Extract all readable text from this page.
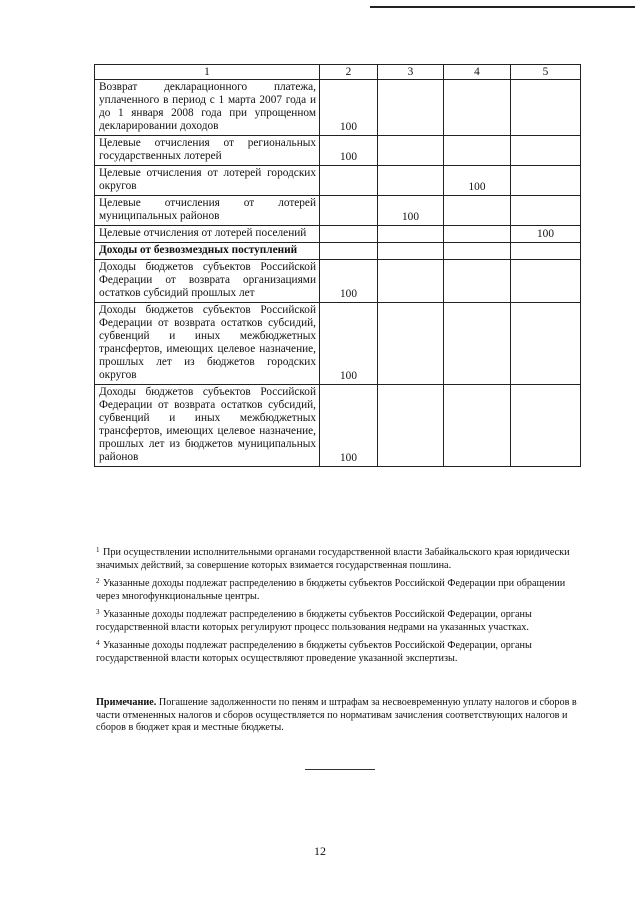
1	2	3	4	5
Возврат декларационного платежа, уплаченного в период с 1 марта 2007 года и до 1 января 2008 года при упрощенном декларировании доходов	100			
Целевые отчисления от региональных государственных лотерей	100			
Целевые отчисления от лотерей городских округов			100	
Целевые отчисления от лотерей муниципальных районов		100		
Целевые отчисления от лотерей поселений				100
Доходы от безвозмездных поступлений				
Доходы бюджетов субъектов Российской Федерации от возврата организациями остатков субсидий прошлых лет	100			
Доходы бюджетов субъектов Российской Федерации от возврата остатков субсидий, субвенций и иных межбюджетных трансфертов, имеющих целевое назначение, прошлых лет из бюджетов городских округов	100			
Доходы бюджетов субъектов Российской Федерации от возврата остатков субсидий, субвенций и иных межбюджетных трансфертов, имеющих целевое назначение, прошлых лет из бюджетов муниципальных районов	100			

$^1$ При осуществлении исполнительными органами государственной власти Забайкальского края юридически значимых действий, за совершение которых взимается государственная пошлина.

$^2$ Указанные доходы подлежат распределению в бюджеты субъектов Российской Федерации при обращении через многофункциональные центры.

$^3$ Указанные доходы подлежат распределению в бюджеты субъектов Российской Федерации, органы государственной власти которых регулируют процесс пользования недрами на указанных участках.

$^4$ Указанные доходы подлежат распределению в бюджеты субъектов Российской Федерации, органы государственной власти которых осуществляют проведение указанной экспертизы.

Примечание. Погашение задолженности по пеням и штрафам за несвоевременную уплату налогов и сборов в части отмененных налогов и сборов осуществляется по нормативам зачисления соответствующих налогов и сборов в бюджет края и местные бюджеты.
12
